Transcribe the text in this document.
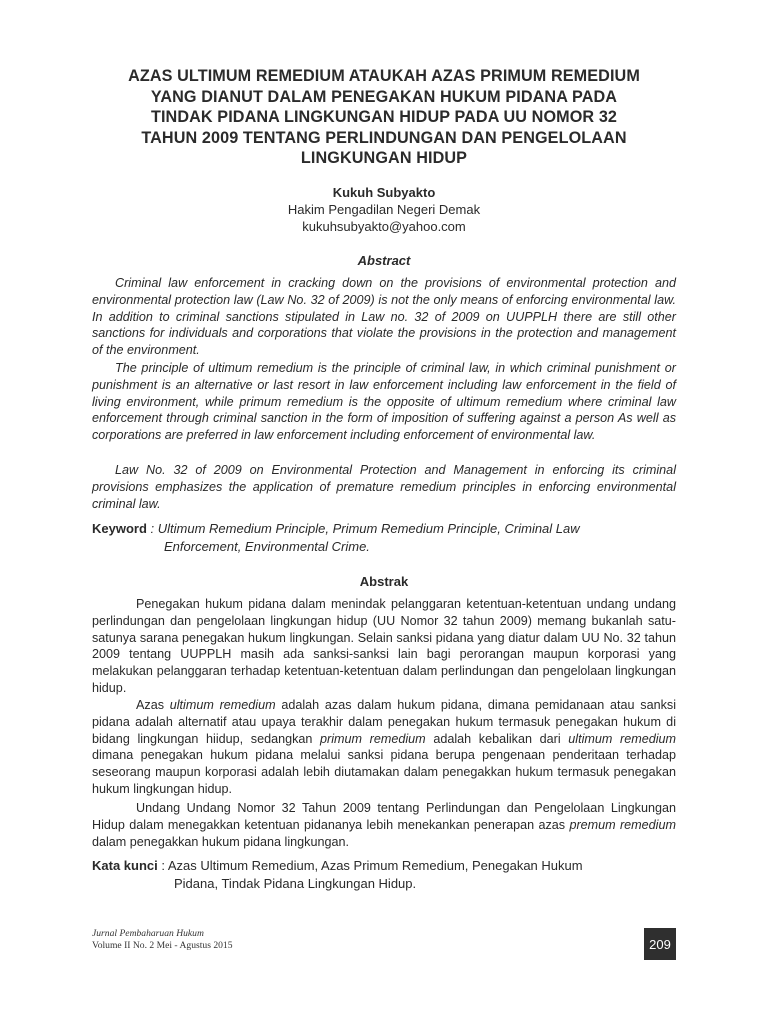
AZAS ULTIMUM REMEDIUM ATAUKAH AZAS PRIMUM REMEDIUM
YANG DIANUT DALAM PENEGAKAN HUKUM PIDANA PADA
TINDAK PIDANA LINGKUNGAN HIDUP PADA UU NOMOR 32
TAHUN 2009 TENTANG PERLINDUNGAN DAN PENGELOLAAN
LINGKUNGAN HIDUP
Kukuh Subyakto
Hakim Pengadilan Negeri Demak
kukuhsubyakto@yahoo.com
Abstract

Criminal law enforcement in cracking down on the provisions of environmental protection and environmental protection law (Law No. 32 of 2009) is not the only means of enforcing environmental law. In addition to criminal sanctions stipulated in Law no. 32 of 2009 on UUPPLH there are still other sanctions for individuals and corporations that violate the provisions in the protection and management of the environment.

The principle of ultimum remedium is the principle of criminal law, in which criminal punishment or punishment is an alternative or last resort in law enforcement including law enforcement in the field of living environment, while primum remedium is the opposite of ultimum remedium where criminal law enforcement through criminal sanction in the form of imposition of suffering against a person As well as corporations are preferred in law enforcement including enforcement of environmental law.

Law No. 32 of 2009 on Environmental Protection and Management in enforcing its criminal provisions emphasizes the application of premature remedium principles in enforcing environmental criminal law.

Keyword : Ultimum Remedium Principle, Primum Remedium Principle, Criminal Law
Enforcement, Environmental Crime.
Abstrak

Penegakan hukum pidana dalam menindak pelanggaran ketentuan-ketentuan undang undang perlindungan dan pengelolaan lingkungan hidup (UU Nomor 32 tahun 2009) memang bukanlah satu-satunya sarana penegakan hukum lingkungan. Selain sanksi pidana yang diatur dalam UU No. 32 tahun 2009 tentang UUPPLH masih ada sanksi-sanksi lain bagi perorangan maupun korporasi yang melakukan pelanggaran terhadap ketentuan-ketentuan dalam perlindungan dan pengelolaan lingkungan hidup.

Azas ultimum remedium adalah azas dalam hukum pidana, dimana pemidanaan atau sanksi pidana adalah alternatif atau upaya terakhir dalam penegakan hukum termasuk penegakan hukum di bidang lingkungan hiidup, sedangkan primum remedium adalah kebalikan dari ultimum remedium dimana penegakan hukum pidana melalui sanksi pidana berupa pengenaan penderitaan terhadap seseorang maupun korporasi adalah lebih diutamakan dalam penegakkan hukum termasuk penegakan hukum lingkungan hidup.

Undang Undang Nomor 32 Tahun 2009 tentang Perlindungan dan Pengelolaan Lingkungan Hidup dalam menegakkan ketentuan pidananya lebih menekankan penerapan azas premum remedium dalam penegakkan hukum pidana lingkungan.

Kata kunci : Azas Ultimum Remedium, Azas Primum Remedium, Penegakan Hukum
Pidana, Tindak Pidana Lingkungan Hidup.
Jurnal Pembaharuan Hukum
Volume II No. 2 Mei - Agustus 2015	209
